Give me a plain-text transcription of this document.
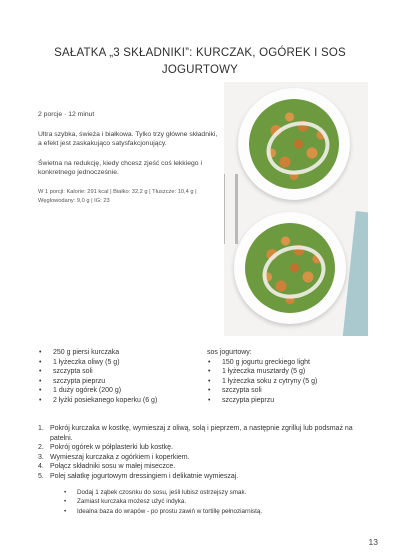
SAŁATKA „3 SKŁADNIKI”: KURCZAK, OGÓREK I SOS
JOGURTOWY
2 porcje · 12 minut
Ultra szybka, świeża i białkowa. Tylko trzy główne składniki, a efekt jest zaskakująco satysfakcjonujący.
Świetna na redukcję, kiedy chcesz zjeść coś lekkiego i konkretnego jednocześnie.
W 1 porcji: Kalorie: 291 kcal | Białko: 32,2 g | Tłuszcze: 10,4 g | Węglowodany: 9,0 g | IG: 23
• 250 g piersi kurczaka
• 1 łyżeczka oliwy (5 g)
• szczypta soli
• szczypta pieprzu
• 1 duży ogórek (200 g)
• 2 łyżki posiekanego koperku (6 g)
sos jogurtowy:
• 150 g jogurtu greckiego light
• 1 łyżeczka musztardy (5 g)
• 1 łyżeczka soku z cytryny (5 g)
• szczypta soli
• szczypta pieprzu
1. Pokrój kurczaka w kostkę, wymieszaj z oliwą, solą i pieprzem, a następnie zgrilluj lub podsmaż na patelni.
2. Pokrój ogórek w półplasterki lub kostkę.
3. Wymieszaj kurczaka z ogórkiem i koperkiem.
4. Połącz składniki sosu w małej miseczce.
5. Polej sałatkę jogurtowym dressingiem i delikatnie wymieszaj.
• Dodaj 1 ząbek czosnku do sosu, jeśli lubisz ostrzejszy smak.
• Zamiast kurczaka możesz użyć indyka.
• Idealna baza do wrapów - po prostu zawiń w tortillę pełnoziarnistą.
13
